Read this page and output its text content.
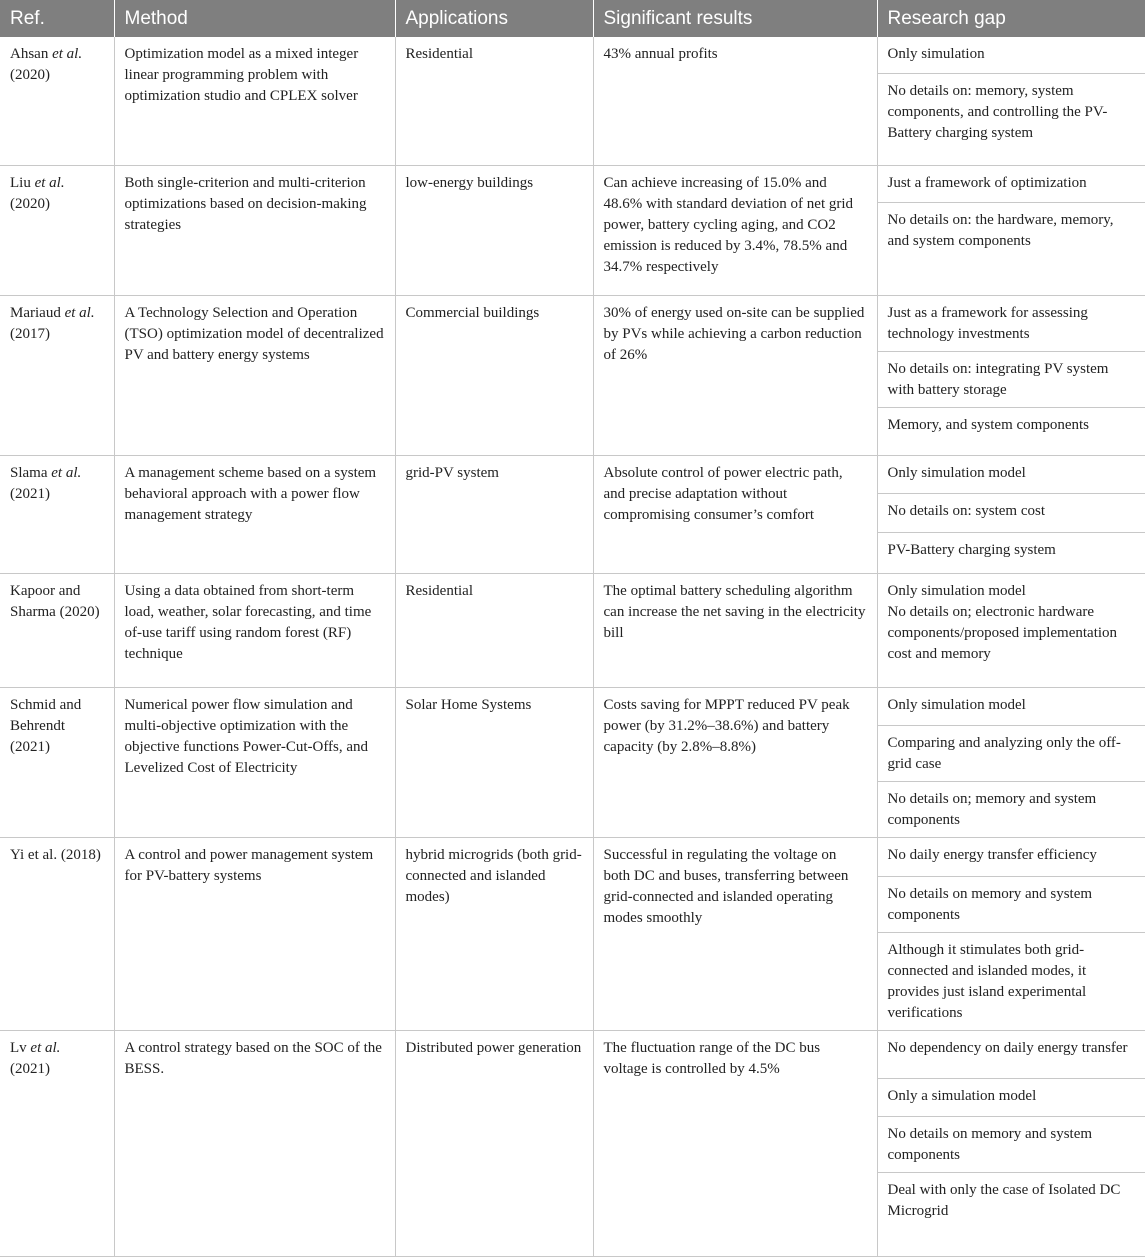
Ref.	Method	Applications	Significant results	Research gap
Ahsan et al. (2020)	Optimization model as a mixed integer linear programming problem with optimization studio and CPLEX solver	Residential	43% annual profits	Only simulation
No details on: memory, system components, and controlling the PV-Battery charging system

Liu et al. (2020)	Both single-criterion and multi-criterion optimizations based on decision-making strategies	low-energy buildings	Can achieve increasing of 15.0% and 48.6% with standard deviation of net grid power, battery cycling aging, and CO2 emission is reduced by 3.4%, 78.5% and 34.7% respectively	Just a framework of optimization
No details on: the hardware, memory, and system components

Mariaud et al. (2017)	A Technology Selection and Operation (TSO) optimization model of decentralized PV and battery energy systems	Commercial buildings	30% of energy used on-site can be supplied by PVs while achieving a carbon reduction of 26%	Just as a framework for assessing technology investments
No details on: integrating PV system with battery storage
Memory, and system components

Slama et al. (2021)	A management scheme based on a system behavioral approach with a power flow management strategy	grid-PV system	Absolute control of power electric path, and precise adaptation without compromising consumer’s comfort	Only simulation model
No details on: system cost
PV-Battery charging system

Kapoor and Sharma (2020)	Using a data obtained from short-term load, weather, solar forecasting, and time of-use tariff using random forest (RF) technique	Residential	The optimal battery scheduling algorithm can increase the net saving in the electricity bill	Only simulation model
No details on; electronic hardware components/proposed implementation cost and memory

Schmid and Behrendt (2021)	Numerical power flow simulation and multi-objective optimization with the objective functions Power-Cut-Offs, and Levelized Cost of Electricity	Solar Home Systems	Costs saving for MPPT reduced PV peak power (by 31.2%–38.6%) and battery capacity (by 2.8%–8.8%)	Only simulation model
Comparing and analyzing only the off-grid case
No details on; memory and system components

Yi et al. (2018)	A control and power management system for PV-battery systems	hybrid microgrids (both grid-connected and islanded modes)	Successful in regulating the voltage on both DC and buses, transferring between grid-connected and islanded operating modes smoothly	No daily energy transfer efficiency
No details on memory and system components
Although it stimulates both grid-connected and islanded modes, it provides just island experimental verifications

Lv et al. (2021)	A control strategy based on the SOC of the BESS.	Distributed power generation	The fluctuation range of the DC bus voltage is controlled by 4.5%	No dependency on daily energy transfer
Only a simulation model
No details on memory and system components
Deal with only the case of Isolated DC Microgrid
